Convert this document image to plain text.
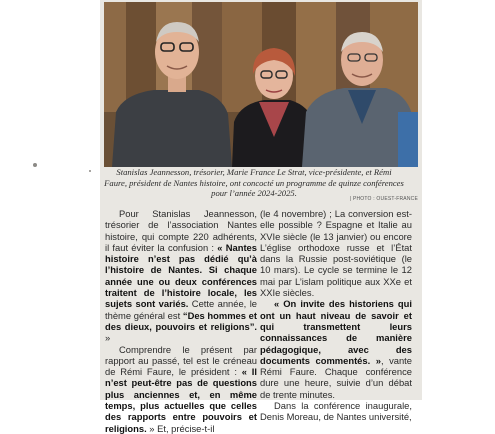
Stanislas Jeannesson, trésorier, Marie France Le Strat, vice-présidente, et Rémi Faure, président de Nantes histoire, ont concocté un programme de quinze conférences pour l’année 2024-2025.
| PHOTO : OUEST-FRANCE

Pour Stanislas Jeannesson, trésorier de l’association Nantes histoire, qui compte 220 adhérents, il faut éviter la confusion : « Nantes histoire n’est pas dédié qu’à l’histoire de Nantes. Si chaque année une ou deux conférences traitent de l’histoire locale, les sujets sont variés. Cette année, le thème général est “Des hommes et des dieux, pouvoirs et religions”. »

Comprendre le présent par rapport au passé, tel est le créneau de Rémi Faure, le président : « Il n’est peut-être pas de questions plus anciennes et, en même temps, plus actuelles que celles des rapports entre pouvoirs et religions. » Et, précise-t-il

(le 4 novembre) ; La conversion est-elle possible ? Espagne et Italie au XVIe siècle (le 13 janvier) ou encore L’église orthodoxe russe et l’État dans la Russie post-soviétique (le 10 mars). Le cycle se termine le 12 mai par L’islam politique aux XXe et XXIe siècles.

« On invite des historiens qui ont un haut niveau de savoir et qui transmettent leurs connaissances de manière pédagogique, avec des documents commentés. », vante Rémi Faure. Chaque conférence dure une heure, suivie d’un débat de trente minutes.

Dans la conférence inaugurale, Denis Moreau, de Nantes université,
